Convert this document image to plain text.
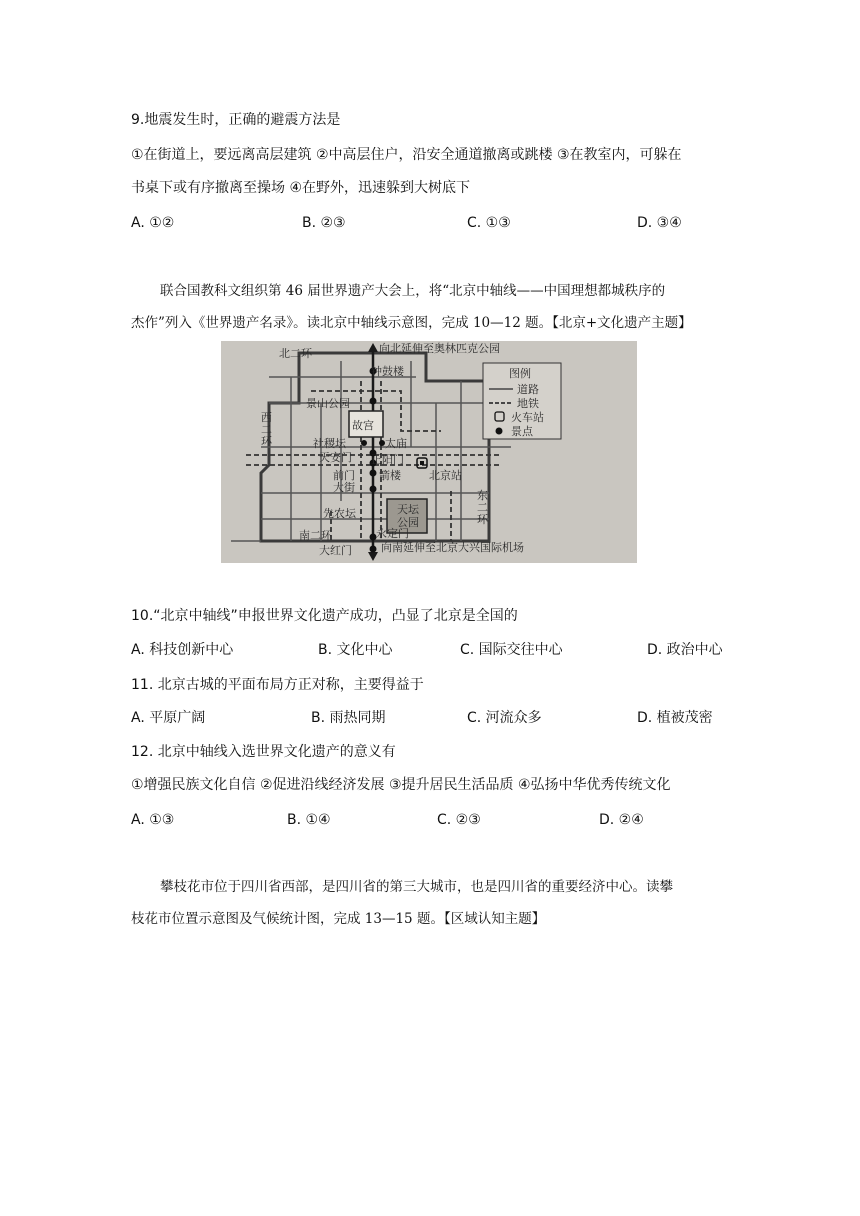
9.地震发生时，正确的避震方法是
①在街道上，要远离高层建筑 ②中高层住户，沿安全通道撤离或跳楼 ③在教室内，可躲在
书桌下或有序撤离至操场 ④在野外，迅速躲到大树底下
A. ①②	B. ②③	C. ①③	D. ③④
联合国教科文组织第 46 届世界遗产大会上，将“北京中轴线——中国理想都城秩序的
杰作”列入《世界遗产名录》。读北京中轴线示意图，完成 10—12 题。【北京+文化遗产主题】
向北延伸至奥林匹克公园
向南延伸至北京大兴国际机场
北二环
西
二
环
东
二
环
南二环
钟鼓楼
景山公园
故宫
社稷坛	太庙
天安门 正阳门
前门
大街
箭楼	北京站
天坛
公园
先农坛
永定门
大红门
图例
道路
地铁
火车站
景点
10.“北京中轴线”申报世界文化遗产成功，凸显了北京是全国的
A. 科技创新中心	B. 文化中心	C. 国际交往中心	D. 政治中心
11. 北京古城的平面布局方正对称，主要得益于
A. 平原广阔	B. 雨热同期	C. 河流众多	D. 植被茂密
12. 北京中轴线入选世界文化遗产的意义有
①增强民族文化自信 ②促进沿线经济发展 ③提升居民生活品质 ④弘扬中华优秀传统文化
A. ①③	B. ①④	C. ②③	D. ②④
攀枝花市位于四川省西部，是四川省的第三大城市，也是四川省的重要经济中心。读攀
枝花市位置示意图及气候统计图，完成 13—15 题。【区域认知主题】
